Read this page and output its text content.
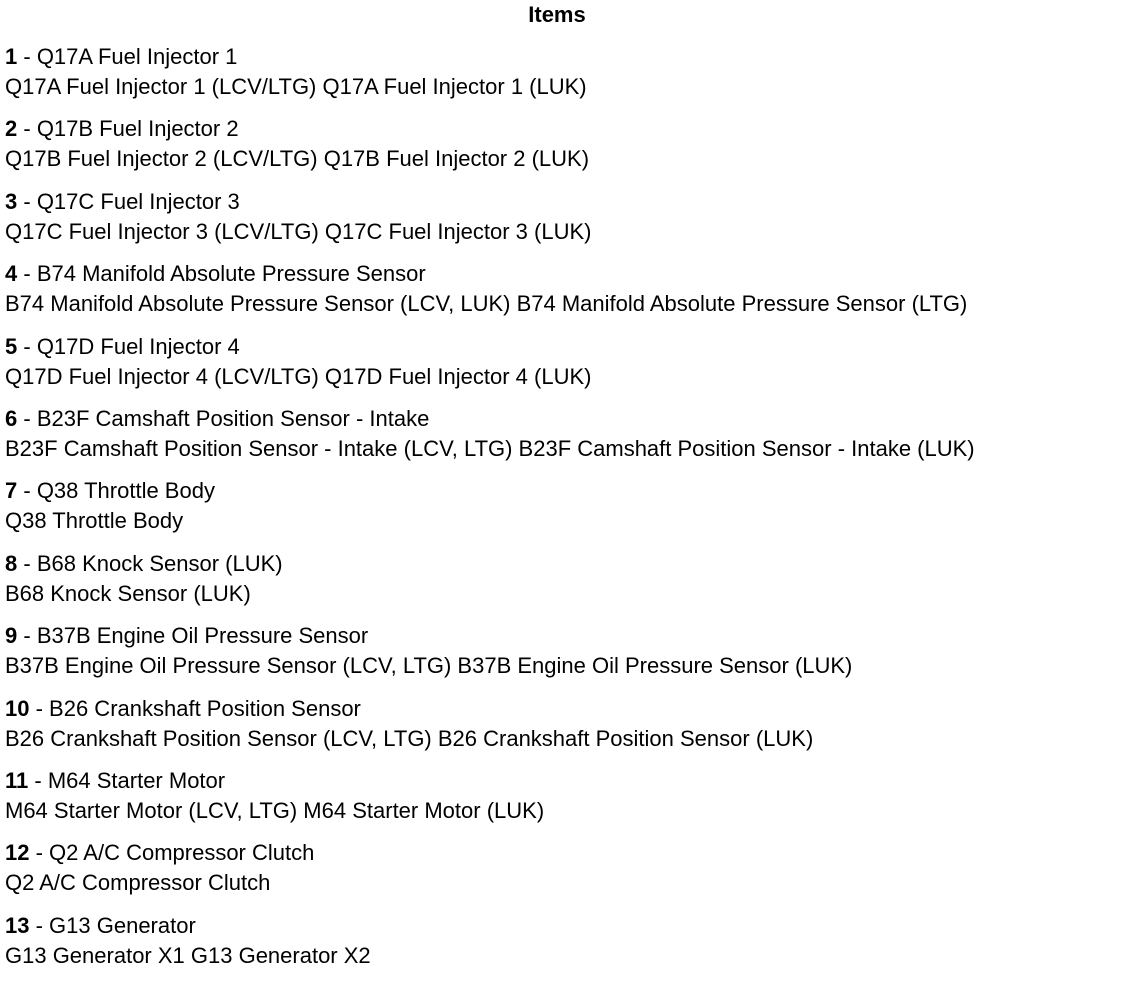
Items
1 - Q17A Fuel Injector 1
Q17A Fuel Injector 1 (LCV/LTG) Q17A Fuel Injector 1 (LUK)
2 - Q17B Fuel Injector 2
Q17B Fuel Injector 2 (LCV/LTG) Q17B Fuel Injector 2 (LUK)
3 - Q17C Fuel Injector 3
Q17C Fuel Injector 3 (LCV/LTG) Q17C Fuel Injector 3 (LUK)
4 - B74 Manifold Absolute Pressure Sensor
B74 Manifold Absolute Pressure Sensor (LCV, LUK) B74 Manifold Absolute Pressure Sensor (LTG)
5 - Q17D Fuel Injector 4
Q17D Fuel Injector 4 (LCV/LTG) Q17D Fuel Injector 4 (LUK)
6 - B23F Camshaft Position Sensor - Intake
B23F Camshaft Position Sensor - Intake (LCV, LTG) B23F Camshaft Position Sensor - Intake (LUK)
7 - Q38 Throttle Body
Q38 Throttle Body
8 - B68 Knock Sensor (LUK)
B68 Knock Sensor (LUK)
9 - B37B Engine Oil Pressure Sensor
B37B Engine Oil Pressure Sensor (LCV, LTG) B37B Engine Oil Pressure Sensor (LUK)
10 - B26 Crankshaft Position Sensor
B26 Crankshaft Position Sensor (LCV, LTG) B26 Crankshaft Position Sensor (LUK)
11 - M64 Starter Motor
M64 Starter Motor (LCV, LTG) M64 Starter Motor (LUK)
12 - Q2 A/C Compressor Clutch
Q2 A/C Compressor Clutch
13 - G13 Generator
G13 Generator X1 G13 Generator X2
